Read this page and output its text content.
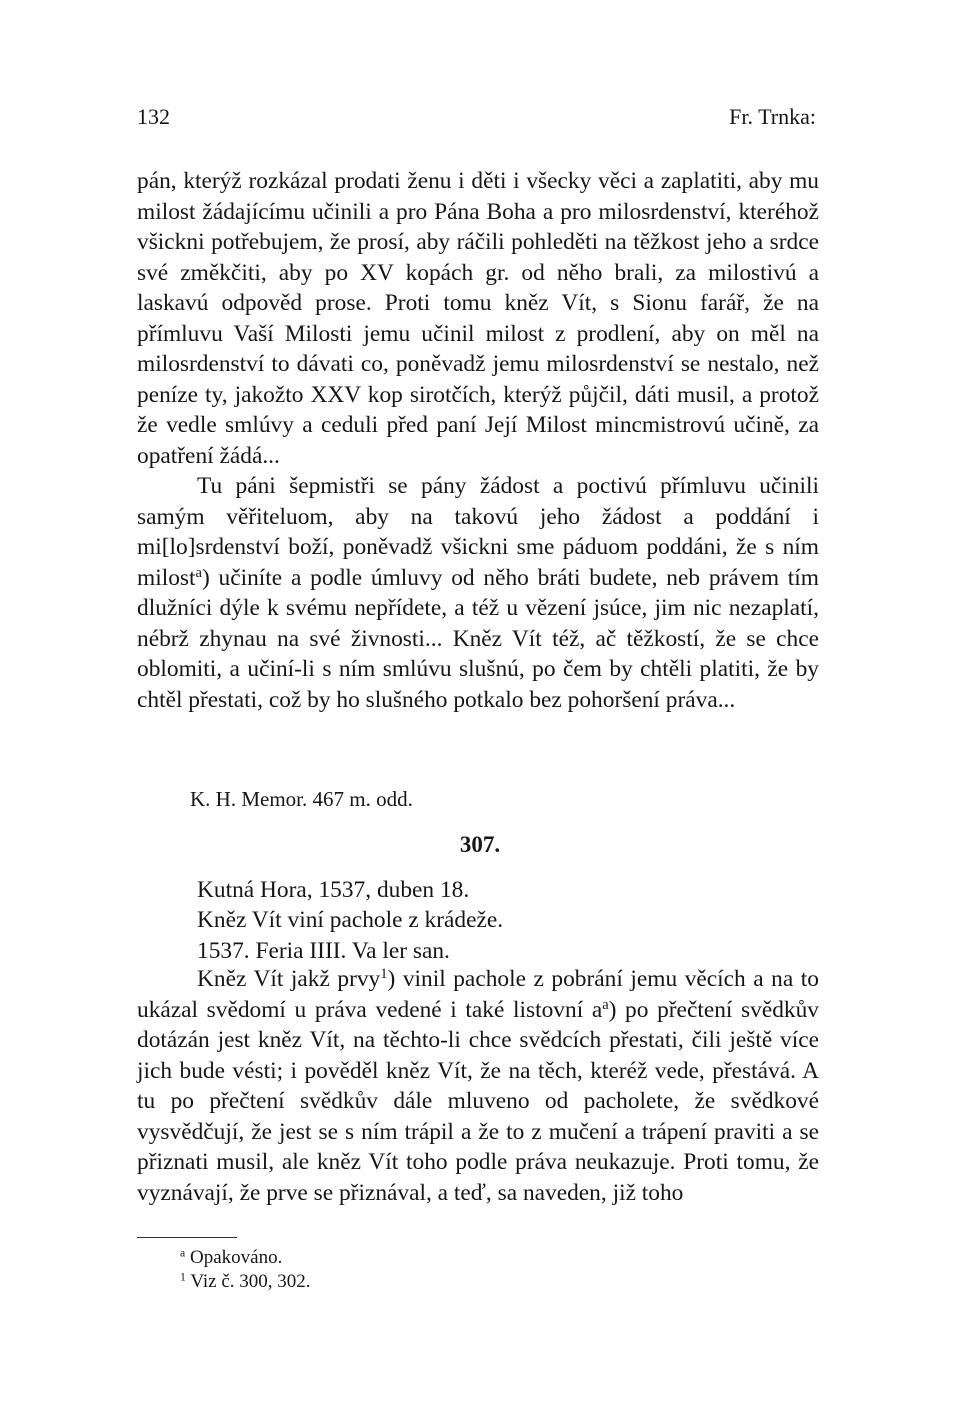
132	Fr. Trnka:

pán, kterýž rozkázal prodati ženu i děti i všecky věci a zaplatiti, aby mu milost žádajícímu učinili a pro Pána Boha a pro milosrdenství, kteréhož všickni potřebujem, že prosí, aby ráčili pohleděti na těžkost jeho a srdce své změkčiti, aby po XV kopách gr. od něho brali, za milostivú a laskavú odpověd prose. Proti tomu kněz Vít, s Sionu farář, že na přímluvu Vaší Milosti jemu učinil milost z prodlení, aby on měl na milosrdenství to dávati co, poněvadž jemu milosrdenství se nestalo, než peníze ty, jakožto XXV kop sirotčích, kterýž půjčil, dáti musil, a protož že vedle smlúvy a ceduli před paní Její Milost mincmistrovú učině, za opatření žádá...

Tu páni šepmistři se pány žádost a poctivú přímluvu učinili samým věřiteluom, aby na takovú jeho žádost a poddání i mi[lo]srdenství boží, poněvadž všickni sme páduom poddáni, že s ním milost$^a$) učiníte a podle úmluvy od něho bráti budete, neb právem tím dlužníci dýle k svému nepřídete, a též u vězení jsúce, jim nic nezaplatí, nébrž zhynau na své živnosti... Kněz Vít též, ač těžkostí, že se chce oblomiti, a učiní-li s ním smlúvu slušnú, po čem by chtěli platiti, že by chtěl přestati, což by ho slušného potkalo bez pohoršení práva...

K. H. Memor. 467 m. odd.
307.
Kutná Hora, 1537, duben 18.
Kněz Vít viní pachole z krádeže.
1537. Feria IIII. Va ler san.

Kněz Vít jakž prvy$^1$) vinil pachole z pobrání jemu věcích a na to ukázal svědomí u práva vedené i také listovní $a^a$) po přečtení svědkův dotázán jest kněz Vít, na těchto-li chce svědcích přestati, čili ještě více jich bude vésti; i pověděl kněz Vít, že na těch, kteréž vede, přestává. A tu po přečtení svědkův dále mluveno od pacholete, že svědkové vysvědčují, že jest se s ním trápil a že to z mučení a trápení praviti a se přiznati musil, ale kněz Vít toho podle práva neukazuje. Proti tomu, že vyznávají, že prve se přiznával, a teď, sa naveden, již toho

$^a$ Opakováno.
$^1$ Viz č. 300, 302.
